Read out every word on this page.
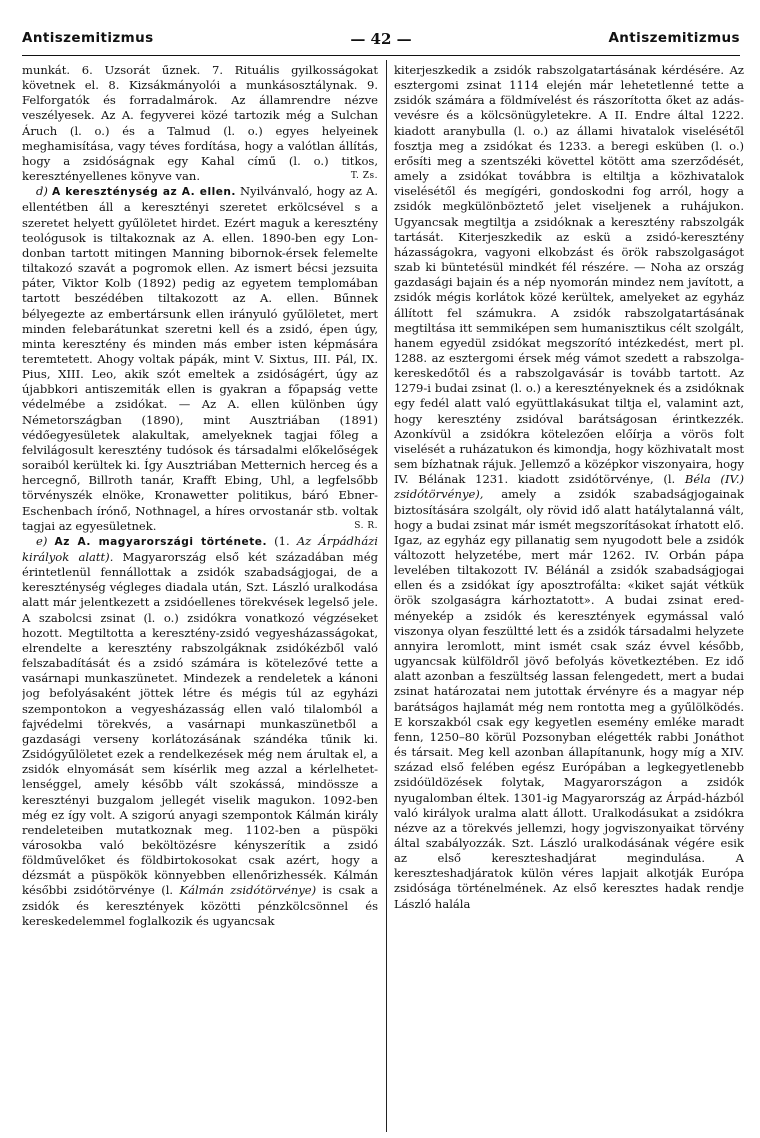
Antiszemitizmus	— 42 —	Antiszemitizmus

munkát. 6. Uzsorát űznek. 7. Rituális gyilkosságokat követnek el. 8. Kizsákmányolói a munkásosztálynak. 9. Felforgatók és forradalmárok. Az államrendre nézve veszélyesek. Az A. fegyverei közé tartozik még a Sulchan Áruch (l. o.) és a Talmud (l. o.) egyes helyeinek meghamisítása, vagy téves fordítása, hogy a valótlan állítás, hogy a zsidóságnak egy Kahal című (l. o.) titkos, keresztényellenes könyve van.	T. Zs.

d) A kereszténység az A. ellen. Nyilvánvaló, hogy az A. ellentétben áll a keresztényi szeretet erkölcsével s a szeretet helyett gyűlöletet hirdet. Ezért maguk a keresztény teológusok is tiltakoznak az A. ellen. 1890-ben egy Londonban tartott mitingen Manning bibornok-érsek felemelte tiltakozó szavát a pogromok ellen. Az ismert bécsi jezsuita páter, Viktor Kolb (1892) pedig az egyetem templomában tartott beszédében tiltakozott az A. ellen. Bűnnek bélyegezte az embertársunk ellen irányuló gyűlöletet, mert minden felebarátunkat szeretni kell és a zsidó, épen úgy, minta keresztény és minden más ember isten képmására teremtetett. Ahogy voltak pápák, mint V. Sixtus, III. Pál, IX. Pius, XIII. Leo, akik szót emeltek a zsidóságért, úgy az újabbkori antiszemiták ellen is gyakran a főpapság vette védelmébe a zsidókat. — Az A. ellen különben úgy Németországban (1890), mint Ausztriában (1891) védőegyesületek alakultak, amelyeknek tagjai főleg a felvilágosult keresztény tudósok és társadalmi előkelőségek soraiból kerültek ki. Így Ausztriában Metternich herceg és a hercegnő, Billroth tanár, Krafft Ebing, Uhl, a legfelsőbb törvényszék elnöke, Kronawetter politikus, báró Ebner-Eschenbach írónő, Nothnagel, a híres orvostanár stb. voltak tagjai az egyesületnek.	S. R.

e) Az A. magyarországi története. (1. Az Árpádházi királyok alatt). Magyarország első két századában még érintetlenül fennállottak a zsidók szabadságjogai, de a kereszténység végleges diadala után, Szt. László uralkodása alatt már jelentkezett a zsidóellenes törekvések legelső jele. A szabolcsi zsinat (l. o.) zsidókra vonatkozó végzéseket hozott. Megtiltotta a keresztény-zsidó vegyesházasságokat, elrendelte a keresztény rabszolgáknak zsidókézből való felszabadítását és a zsidó számára is kötelezővé tette a vasárnapi munkaszünetet. Mindezek a rendeletek a kánoni jog befolyásaként jöttek létre és mégis túl az egyházi szempontokon a vegyesházasság ellen való tilalomból a fajvédelmi törekvés, a vasárnapi munkaszünetből a gazdasági verseny korlátozásának szándéka tűnik ki. Zsidógyűlöletet ezek a rendelkezések még nem árultak el, a zsidók elnyomását sem kísérlik meg azzal a kérlelhetetlenséggel, amely később vált szokássá, mindössze a keresztényi buzgalom jellegét viselik magukon. 1092-ben még ez így volt. A szigorú anyagi szempontok Kálmán király rendeleteiben mutatkoznak meg. 1102-ben a püspöki városokba való beköltözésre kényszerítik a zsidó földművelőket és földbirtokosokat csak azért, hogy a dézsmát a püspökök könnyebben ellenőrizhessék. Kálmán későbbi zsidótörvénye (l. Kálmán zsidótörvénye) is csak a zsidók és keresztények közötti pénzkölcsönnel és kereskedelemmel foglalkozik és ugyancsak

kiterjeszkedik a zsidók rabszolgatartásának kérdésére. Az esztergomi zsinat 1114 elején már lehetetlenné tette a zsidók számára a földmívelést és rászorította őket az adás-vevésre és a kölcsönügyletekre. A II. Endre által 1222. kiadott aranybulla (l. o.) az állami hivatalok viselésétől fosztja meg a zsidókat és 1233. a beregi esküben (l. o.) erősíti meg a szentszéki követtel kötött ama szerződését, amely a zsidókat továbbra is eltiltja a közhivatalok viselésétől és megígéri, gondoskodni fog arról, hogy a zsidók megkülönböztető jelet viseljenek a ruhájukon. Ugyancsak megtiltja a zsidóknak a keresztény rabszolgák tartását. Kiterjeszkedik az eskü a zsidó-keresztény házasságokra, vagyoni elkobzást és örök rabszolgaságot szab ki büntetésül mindkét fél részére. — Noha az ország gazdasági bajain és a nép nyomorán mindez nem javított, a zsidók mégis korlátok közé kerültek, amelyeket az egyház állított fel számukra. A zsidók rabszolgatartásának megtiltása itt semmiképen sem humanisztikus célt szolgált, hanem egyedül zsidókat megszorító intézkedést, mert pl. 1288. az esztergomi érsek még vámot szedett a rabszolgakereskedőtől és a rabszolgavásár is tovább tartott. Az 1279-i budai zsinat (l. o.) a keresztényeknek és a zsidóknak egy fedél alatt való együttlakásukat tiltja el, valamint azt, hogy keresztény zsidóval barátságosan érintkezzék. Azonkívül a zsidókra kötelezően előírja a vörös folt viselését a ruházatukon és kimondja, hogy közhivatalt most sem bízhatnak rájuk. Jellemző a középkor viszonyaira, hogy IV. Bélának 1231. kiadott zsidótörvénye, (l. Béla (IV.) zsidótörvénye), amely a zsidók szabadságjogainak biztosítására szolgált, oly rövid idő alatt hatálytalanná vált, hogy a budai zsinat már ismét megszorításokat írhatott elő. Igaz, az egyház egy pillanatig sem nyugodott bele a zsidók változott helyzetébe, mert már 1262. IV. Orbán pápa levelében tiltakozott IV. Bélánál a zsidók szabadságjogai ellen és a zsidókat így aposztrofálta: «kiket saját vétkük örök szolgaságra kárhoztatott». A budai zsinat eredményekép a zsidók és keresztények egymással való viszonya olyan feszültté lett és a zsidók társadalmi helyzete annyira leromlott, mint ismét csak száz évvel később, ugyancsak külföldről jövő befolyás következtében. Ez idő alatt azonban a feszültség lassan felengedett, mert a budai zsinat határozatai nem jutottak érvényre és a magyar nép barátságos hajlamát még nem rontotta meg a gyűlölködés. E korszakból csak egy kegyetlen esemény emléke maradt fenn, 1250–80 körül Pozsonyban elégették rabbi Jonáthot és társait. Meg kell azonban állapítanunk, hogy míg a XIV. század első felében egész Európában a legkegyetlenebb zsidóüldözések folytak, Magyarországon a zsidók nyugalomban éltek. 1301-ig Magyarország az Árpád-házból való királyok uralma alatt állott. Uralkodásukat a zsidókra nézve az a törekvés jellemzi, hogy jogviszonyaikat törvény által szabályozzák. Szt. László uralkodásának végére esik az első kereszteshadjárat megindulása. A kereszteshadjáratok külön véres lapjait alkotják Európa zsidósága történelmének. Az első keresztes hadak rendje László halála
